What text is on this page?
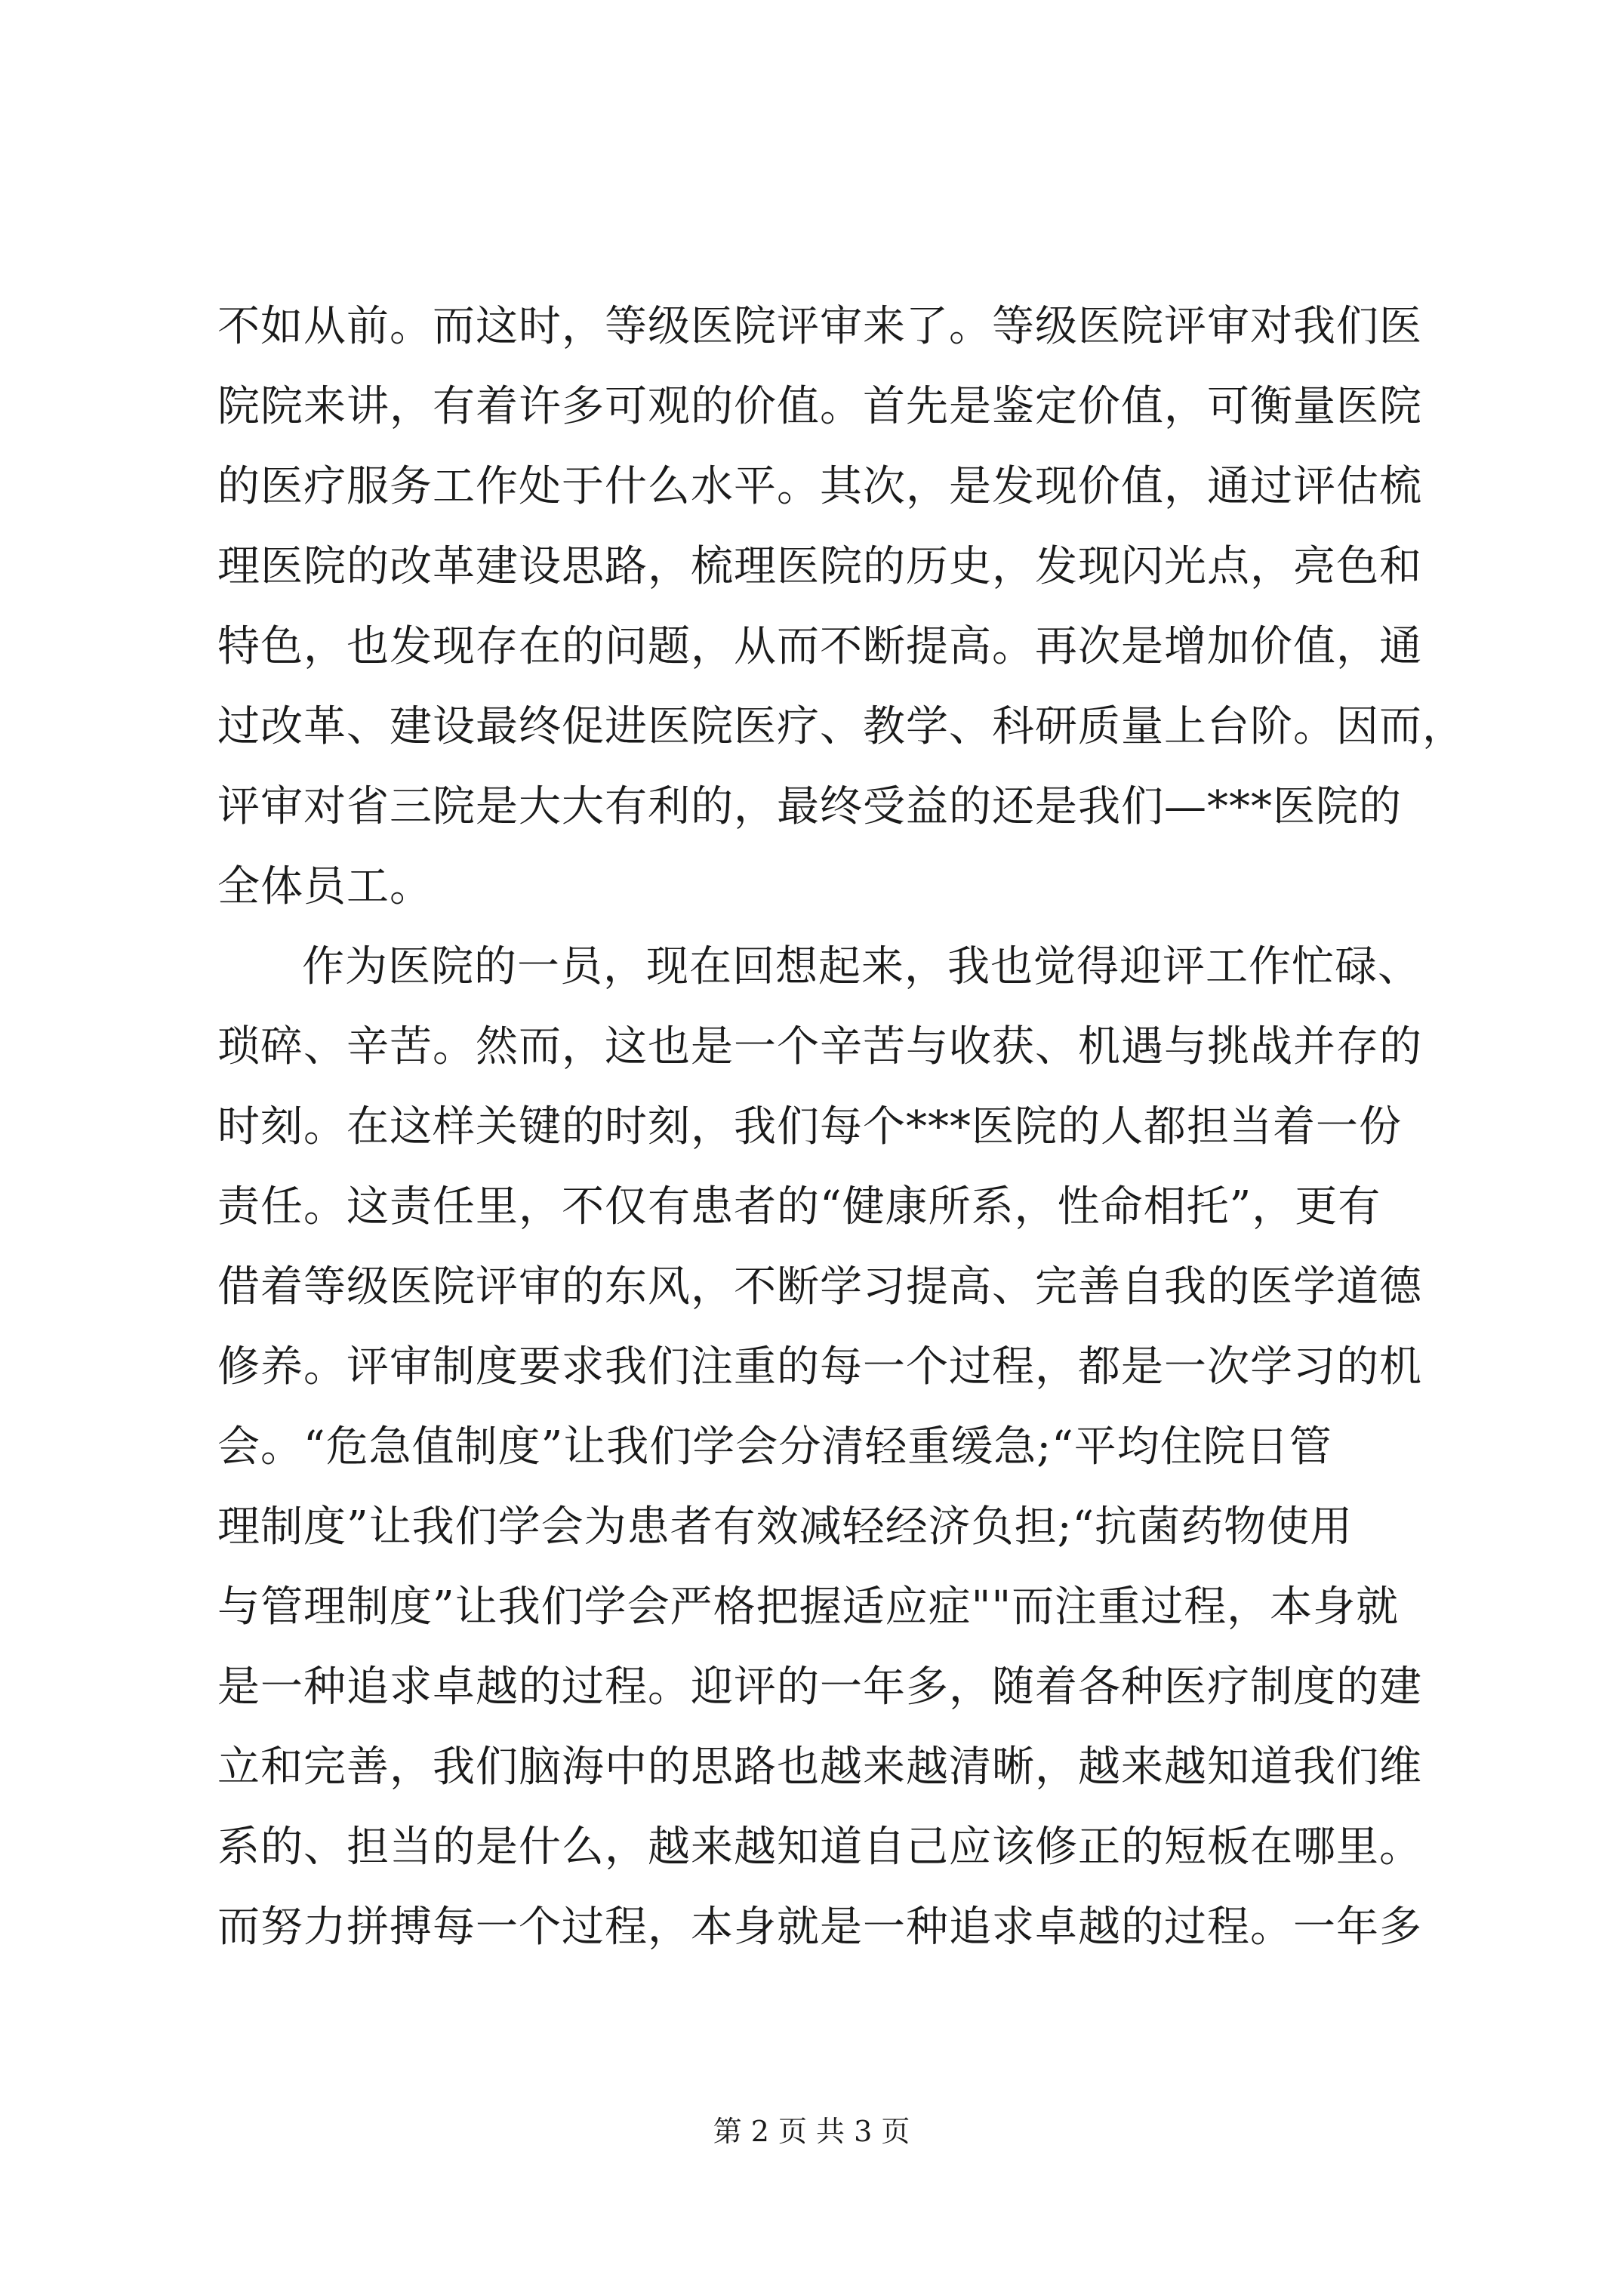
不如从前。而这时，等级医院评审来了。等级医院评审对我们医
院院来讲，有着许多可观的价值。首先是鉴定价值，可衡量医院
的医疗服务工作处于什么水平。其次，是发现价值，通过评估梳
理医院的改革建设思路，梳理医院的历史，发现闪光点，亮色和
特色，也发现存在的问题，从而不断提高。再次是增加价值，通
过改革、建设最终促进医院医疗、教学、科研质量上台阶。因而，
评审对省三院是大大有利的，最终受益的还是我们—***医院的
全体员工。
作为医院的一员，现在回想起来，我也觉得迎评工作忙碌、
琐碎、辛苦。然而，这也是一个辛苦与收获、机遇与挑战并存的
时刻。在这样关键的时刻，我们每个***医院的人都担当着一份
责任。这责任里，不仅有患者的“健康所系，性命相托”，更有
借着等级医院评审的东风，不断学习提高、完善自我的医学道德
修养。评审制度要求我们注重的每一个过程，都是一次学习的机
会。“危急值制度”让我们学会分清轻重缓急;“平均住院日管
理制度”让我们学会为患者有效减轻经济负担;“抗菌药物使用
与管理制度”让我们学会严格把握适应症""而注重过程，本身就
是一种追求卓越的过程。迎评的一年多，随着各种医疗制度的建
立和完善，我们脑海中的思路也越来越清晰，越来越知道我们维
系的、担当的是什么，越来越知道自己应该修正的短板在哪里。
而努力拼搏每一个过程，本身就是一种追求卓越的过程。一年多
第 2 页 共 3 页
